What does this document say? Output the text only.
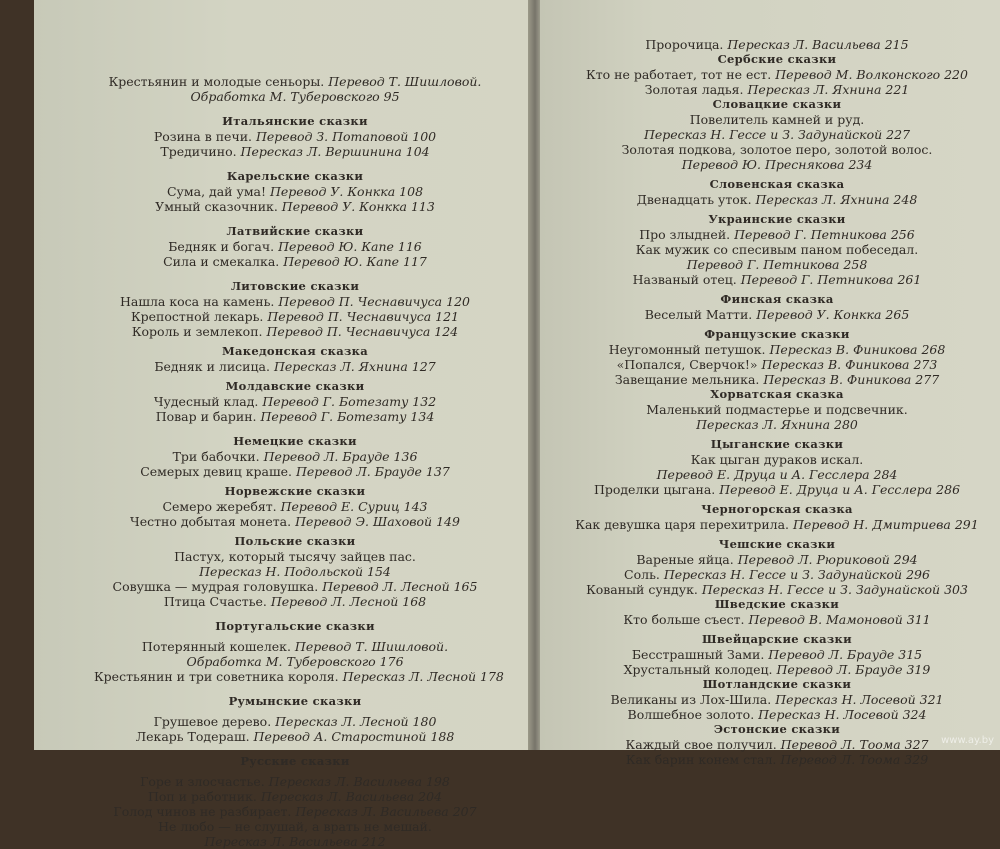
Крестьянин и молодые сеньоры. Перевод Т. Шишловой.
Обработка М. Туберовского 95
Итальянские сказки
Розина в печи. Перевод З. Потаповой 100
Тредичино. Пересказ Л. Вершинина 104
Карельские сказки
Сума, дай ума! Перевод У. Конкка 108
Умный сказочник. Перевод У. Конкка 113
Латвийские сказки
Бедняк и богач. Перевод Ю. Капе 116
Сила и смекалка. Перевод Ю. Капе 117
Литовские сказки
Нашла коса на камень. Перевод П. Чеснавичуса 120
Крепостной лекарь. Перевод П. Чеснавичуса 121
Король и землекоп. Перевод П. Чеснавичуса 124
Македонская сказка
Бедняк и лисица. Пересказ Л. Яхнина 127
Молдавские сказки
Чудесный клад. Перевод Г. Ботезату 132
Повар и барин. Перевод Г. Ботезату 134
Немецкие сказки
Три бабочки. Перевод Л. Брауде 136
Семерых девиц краше. Перевод Л. Брауде 137
Норвежские сказки
Семеро жеребят. Перевод Е. Суриц 143
Честно добытая монета. Перевод Э. Шаховой 149
Польские сказки
Пастух, который тысячу зайцев пас.
Пересказ Н. Подольской 154
Совушка — мудрая головушка. Перевод Л. Лесной 165
Птица Счастье. Перевод Л. Лесной 168
Португальские сказки
Потерянный кошелек. Перевод Т. Шишловой.
Обработка М. Туберовского 176
Крестьянин и три советника короля. Пересказ Л. Лесной 178
Румынские сказки
Грушевое дерево. Пересказ Л. Лесной 180
Лекарь Тодераш. Перевод А. Старостиной 188
Русские сказки
Горе и злосчастье. Пересказ Л. Васильева 198
Поп и работник. Пересказ Л. Васильева 204
Голод чинов не разбирает. Пересказ Л. Васильева 207
Не любо — не слушай, а врать не мешай.
Пересказ Л. Васильева 212
Пророчица. Пересказ Л. Васильева 215
Сербские сказки
Кто не работает, тот не ест. Перевод М. Волконского 220
Золотая ладья. Пересказ Л. Яхнина 221
Словацкие сказки
Повелитель камней и руд.
Пересказ Н. Гессе и З. Задунайской 227
Золотая подкова, золотое перо, золотой волос.
Перевод Ю. Преснякова 234
Словенская сказка
Двенадцать уток. Пересказ Л. Яхнина 248
Украинские сказки
Про злыдней. Перевод Г. Петникова 256
Как мужик со спесивым паном побеседал.
Перевод Г. Петникова 258
Названый отец. Перевод Г. Петникова 261
Финская сказка
Веселый Матти. Перевод У. Конкка 265
Французские сказки
Неугомонный петушок. Пересказ В. Финикова 268
«Попался, Сверчок!» Пересказ В. Финикова 273
Завещание мельника. Пересказ В. Финикова 277
Хорватская сказка
Маленький подмастерье и подсвечник.
Пересказ Л. Яхнина 280
Цыганские сказки
Как цыган дураков искал.
Перевод Е. Друца и А. Гесслера 284
Проделки цыгана. Перевод Е. Друца и А. Гесслера 286
Черногорская сказка
Как девушка царя перехитрила. Перевод Н. Дмитриева 291
Чешские сказки
Вареные яйца. Перевод Л. Рюриковой 294
Соль. Пересказ Н. Гессе и З. Задунайской 296
Кованый сундук. Пересказ Н. Гессе и З. Задунайской 303
Шведские сказки
Кто больше съест. Перевод В. Мамоновой 311
Швейцарские сказки
Бесстрашный Зами. Перевод Л. Брауде 315
Хрустальный колодец. Перевод Л. Брауде 319
Шотландские сказки
Великаны из Лох-Шила. Пересказ Н. Лосевой 321
Волшебное золото. Пересказ Н. Лосевой 324
Эстонские сказки
Каждый свое получил. Перевод Л. Тоома 327
Как барин конем стал. Перевод Л. Тоома 329
www.ay.by
